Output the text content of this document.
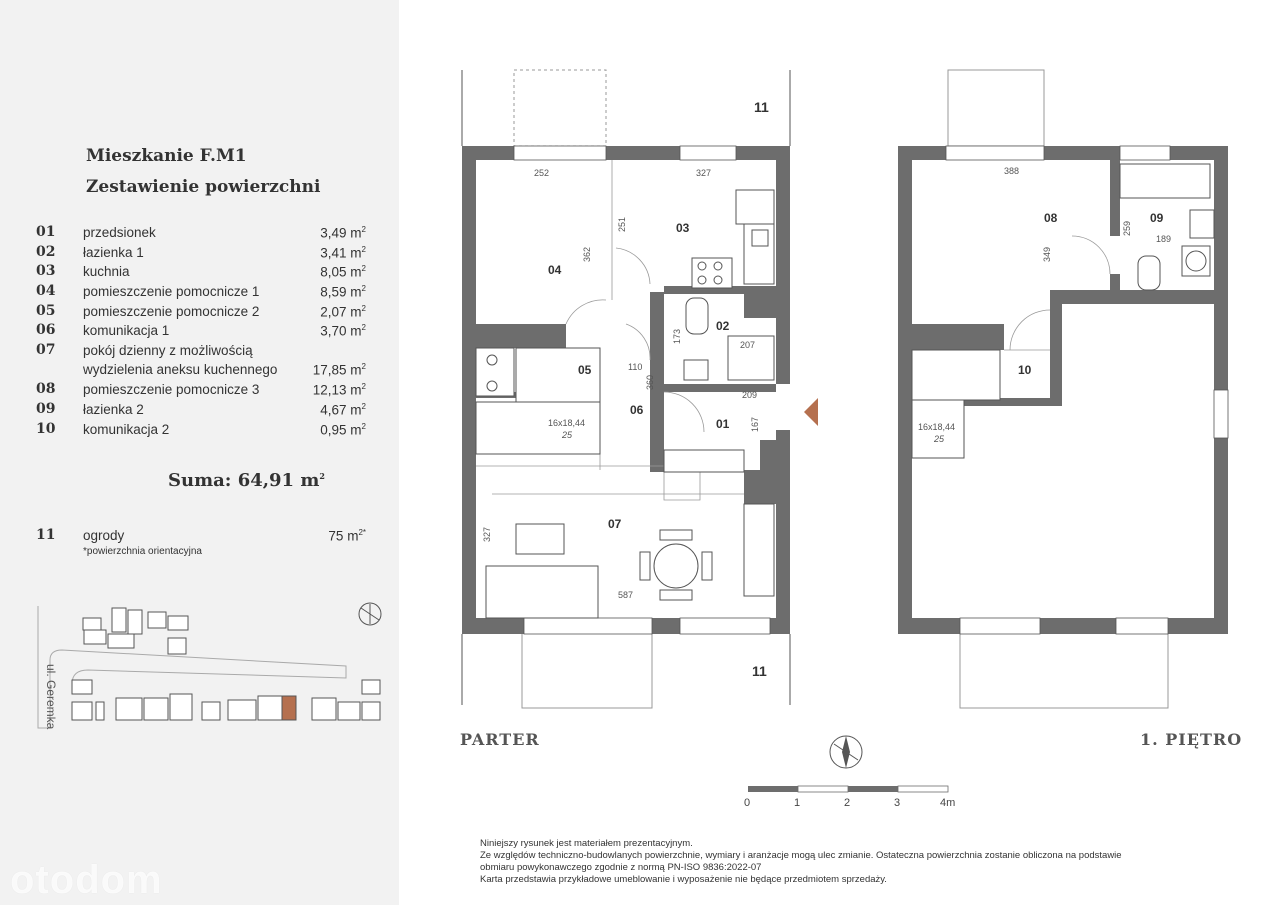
Mieszkanie F.M1
Zestawienie powierzchni
01 przedsionek	3,49 $m^2$
02 łazienka 1	3,41 $m^2$
03 kuchnia	8,05 $m^2$
04 pomieszczenie pomocnicze 1	8,59 $m^2$
05 pomieszczenie pomocnicze 2	2,07 $m^2$
06 komunikacja 1	3,70 $m^2$
07 pokój dzienny z możliwością
wydzielenia aneksu kuchennego	17,85 $m^2$
08 pomieszczenie pomocnicze 3	12,13 $m^2$
09 łazienka 2	4,67 $m^2$
10 komunikacja 2	0,95 $m^2$
Suma: 64,91 $m^2$
11 ogrody	75 $m^{2*}$
*powierzchnia orientacyjna
ul. Geremka
otodom
04
03
02
05
06
01
07
11
11
252	327
251
362
173
207
110
360
209
167
327
587
16x18,44
25
08	09
10
388
259
189
349
16x18,44
25
0	1	2	3	4m
PARTER	1. PIĘTRO
Niniejszy rysunek jest materiałem prezentacyjnym.
Ze względów techniczno-budowlanych powierzchnie, wymiary i aranżacje mogą ulec zmianie. Ostateczna powierzchnia zostanie obliczona na podstawie
obmiaru powykonawczego zgodnie z normą PN-ISO 9836:2022-07
Karta przedstawia przykładowe umeblowanie i wyposażenie nie będące przedmiotem sprzedaży.
